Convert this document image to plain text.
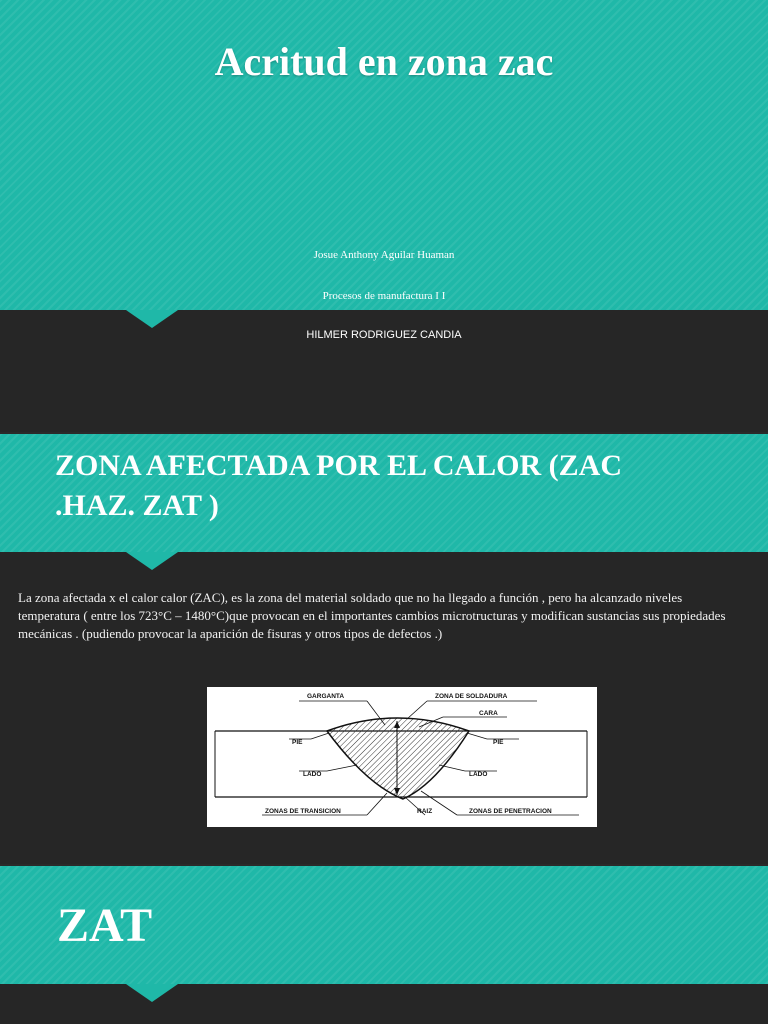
Acritud en zona zac
Josue Anthony Aguilar Huaman
Procesos de manufactura I I
HILMER RODRIGUEZ CANDIA
ZONA AFECTADA POR EL CALOR (ZAC .HAZ. ZAT )
La zona afectada x el calor calor (ZAC), es la zona del material soldado que no ha llegado a función , pero ha alcanzado niveles temperatura ( entre los 723°C – 1480°C)que provocan en el importantes cambios microtructuras y modifican sustancias sus propiedades mecánicas . (pudiendo provocar la aparición de fisuras y otros tipos de defectos .)
GARGANTA	ZONA DE SOLDADURA
CARA
PIE	PIE
LADO	LADO
ZONAS DE TRANSICION	RAIZ	ZONAS DE PENETRACION
ZAT
